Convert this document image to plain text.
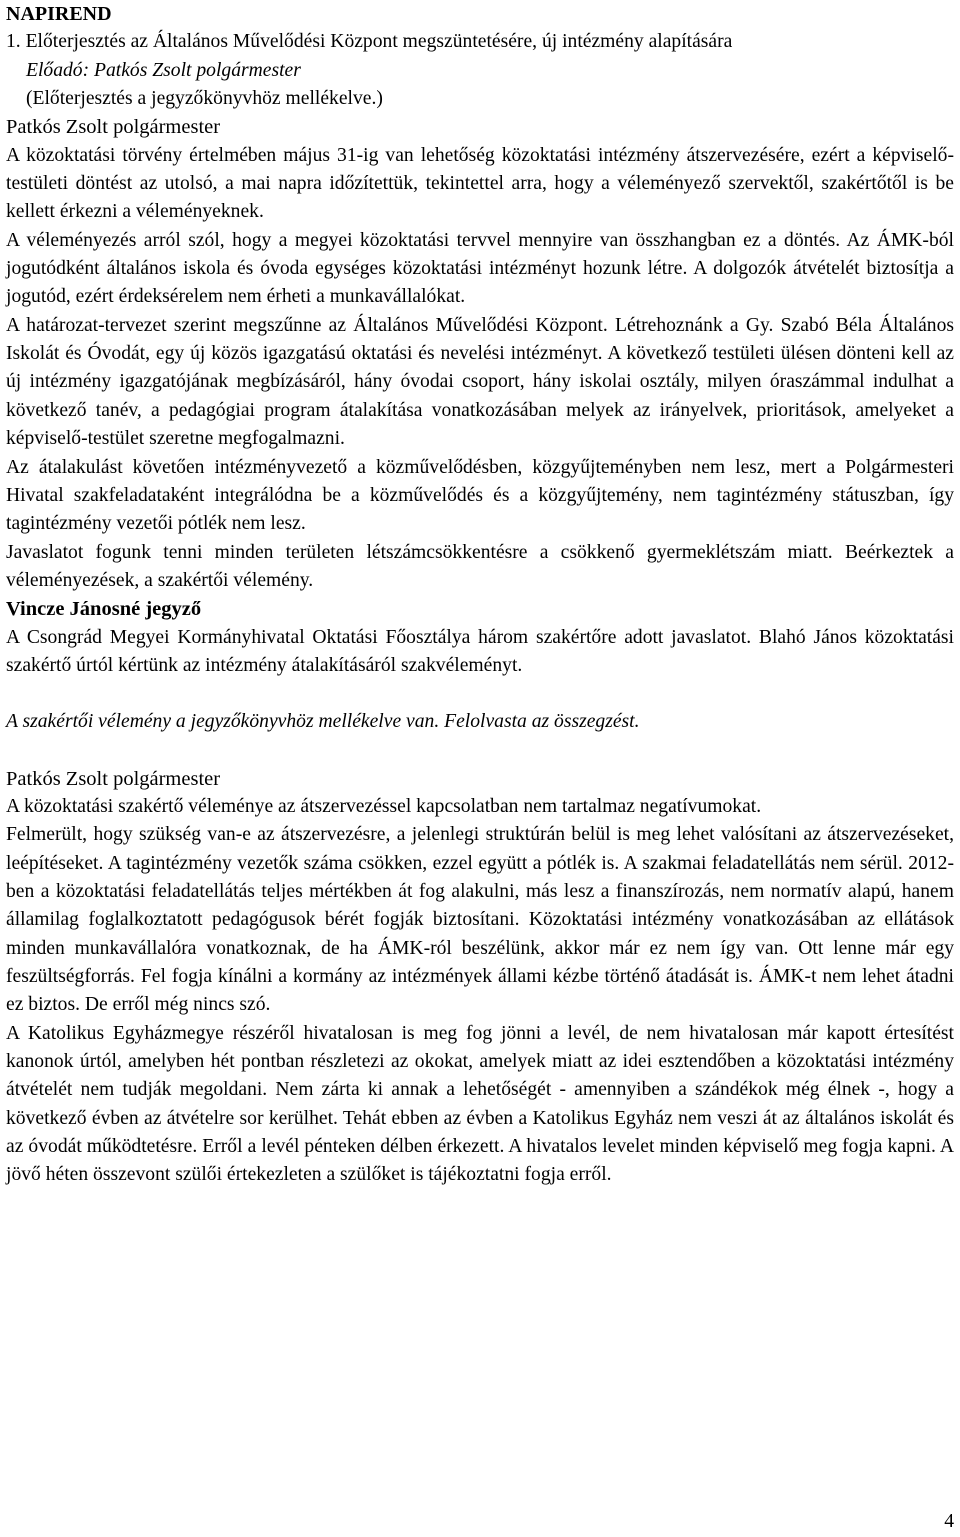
NAPIREND

1. Előterjesztés az Általános Művelődési Központ megszüntetésére, új intézmény alapítására

Előadó: Patkós Zsolt polgármester

(Előterjesztés a jegyzőkönyvhöz mellékelve.)

Patkós Zsolt polgármester

A közoktatási törvény értelmében május 31-ig van lehetőség közoktatási intézmény átszervezésére, ezért a képviselő-testületi döntést az utolsó, a mai napra időzítettük, tekintettel arra, hogy a véleményező szervektől, szakértőtől is be kellett érkezni a véleményeknek.

A véleményezés arról szól, hogy a megyei közoktatási tervvel mennyire van összhangban ez a döntés. Az ÁMK-ból jogutódként általános iskola és óvoda egységes közoktatási intézményt hozunk létre. A dolgozók átvételét biztosítja a jogutód, ezért érdeksérelem nem érheti a munkavállalókat.

A határozat-tervezet szerint megszűnne az Általános Művelődési Központ. Létrehoznánk a Gy. Szabó Béla Általános Iskolát és Óvodát, egy új közös igazgatású oktatási és nevelési intézményt. A következő testületi ülésen dönteni kell az új intézmény igazgatójának megbízásáról, hány óvodai csoport, hány iskolai osztály, milyen óraszámmal indulhat a következő tanév, a pedagógiai program átalakítása vonatkozásában melyek az irányelvek, prioritások, amelyeket a képviselő-testület szeretne megfogalmazni.

Az átalakulást követően intézményvezető a közművelődésben, közgyűjteményben nem lesz, mert a Polgármesteri Hivatal szakfeladataként integrálódna be a közművelődés és a közgyűjtemény, nem tagintézmény státuszban, így tagintézmény vezetői pótlék nem lesz.

Javaslatot fogunk tenni minden területen létszámcsökkentésre a csökkenő gyermeklétszám miatt. Beérkeztek a véleményezések, a szakértői vélemény.

Vincze Jánosné jegyző

A Csongrád Megyei Kormányhivatal Oktatási Főosztálya három szakértőre adott javaslatot. Blahó János közoktatási szakértő úrtól kértünk az intézmény átalakításáról szakvéleményt.

A szakértői vélemény a jegyzőkönyvhöz mellékelve van. Felolvasta az összegzést.

Patkós Zsolt polgármester

A közoktatási szakértő véleménye az átszervezéssel kapcsolatban nem tartalmaz negatívumokat.

Felmerült, hogy szükség van-e az átszervezésre, a jelenlegi struktúrán belül is meg lehet valósítani az átszervezéseket, leépítéseket. A tagintézmény vezetők száma csökken, ezzel együtt a pótlék is. A szakmai feladatellátás nem sérül. 2012-ben a közoktatási feladatellátás teljes mértékben át fog alakulni, más lesz a finanszírozás, nem normatív alapú, hanem államilag foglalkoztatott pedagógusok bérét fogják biztosítani. Közoktatási intézmény vonatkozásában az ellátások minden munkavállalóra vonatkoznak, de ha ÁMK-ról beszélünk, akkor már ez nem így van. Ott lenne már egy feszültségforrás. Fel fogja kínálni a kormány az intézmények állami kézbe történő átadását is. ÁMK-t nem lehet átadni ez biztos. De erről még nincs szó.

A Katolikus Egyházmegye részéről hivatalosan is meg fog jönni a levél, de nem hivatalosan már kapott értesítést kanonok úrtól, amelyben hét pontban részletezi az okokat, amelyek miatt az idei esztendőben a közoktatási intézmény átvételét nem tudják megoldani. Nem zárta ki annak a lehetőségét - amennyiben a szándékok még élnek -, hogy a következő évben az átvételre sor kerülhet. Tehát ebben az évben a Katolikus Egyház nem veszi át az általános iskolát és az óvodát működtetésre. Erről a levél pénteken délben érkezett. A hivatalos levelet minden képviselő meg fogja kapni. A jövő héten összevont szülői értekezleten a szülőket is tájékoztatni fogja erről.

4
